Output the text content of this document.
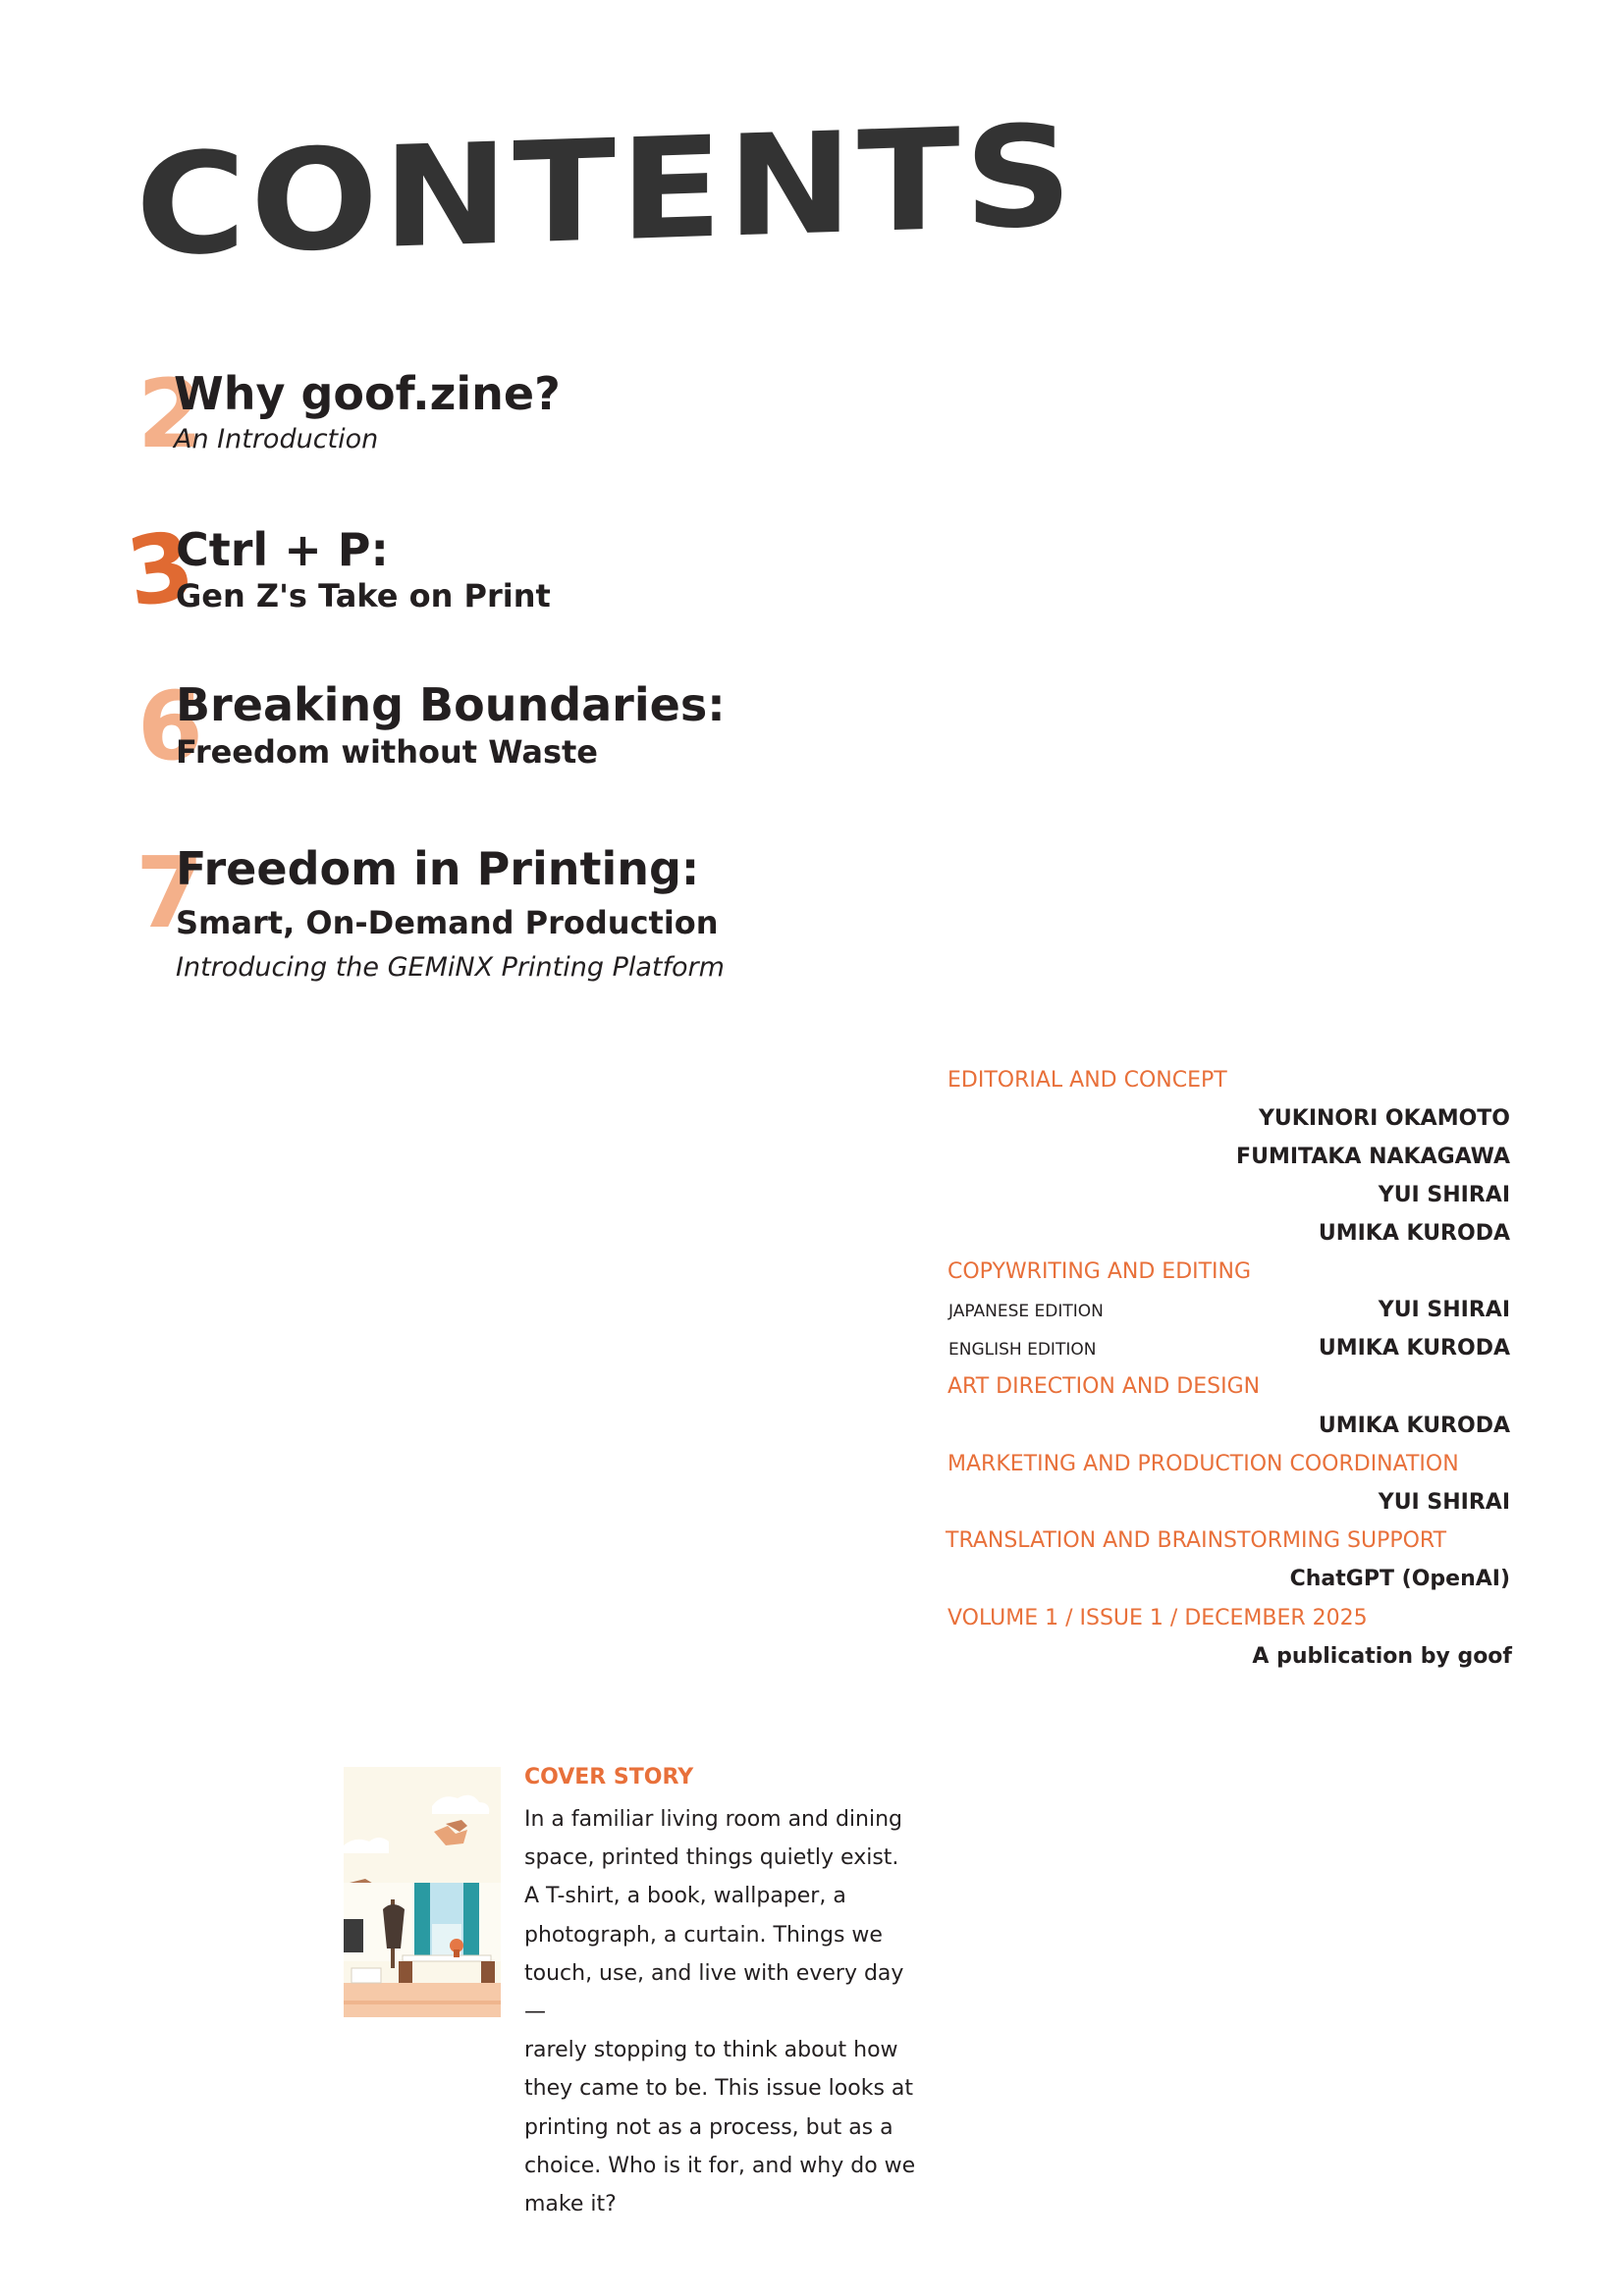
CONTENTS
2
Why goof.zine?

An Introduction

3
Ctrl + P:

Gen Z's Take on Print

6
Breaking Boundaries:

Freedom without Waste

7
Freedom in Printing:

Smart, On-Demand Production

Introducing the GEMiNX Printing Platform

EDITORIAL AND CONCEPT

YUKINORI OKAMOTO

FUMITAKA NAKAGAWA

YUI SHIRAI

UMIKA KURODA

COPYWRITING AND EDITING

JAPANESE EDITION	YUI SHIRAI

ENGLISH EDITION	UMIKA KURODA

ART DIRECTION AND DESIGN

UMIKA KURODA

MARKETING AND PRODUCTION COORDINATION

YUI SHIRAI

TRANSLATION AND BRAINSTORMING SUPPORT

ChatGPT (OpenAI)

VOLUME 1 / ISSUE 1 / DECEMBER 2025

A publication by goof

COVER STORY

In a familiar living room and dining
space, printed things quietly exist.
A T-shirt, a book, wallpaper, a
photograph, a curtain. Things we
touch, use, and live with every day—
rarely stopping to think about how
they came to be. This issue looks at
printing not as a process, but as a
choice. Who is it for, and why do we
make it?
